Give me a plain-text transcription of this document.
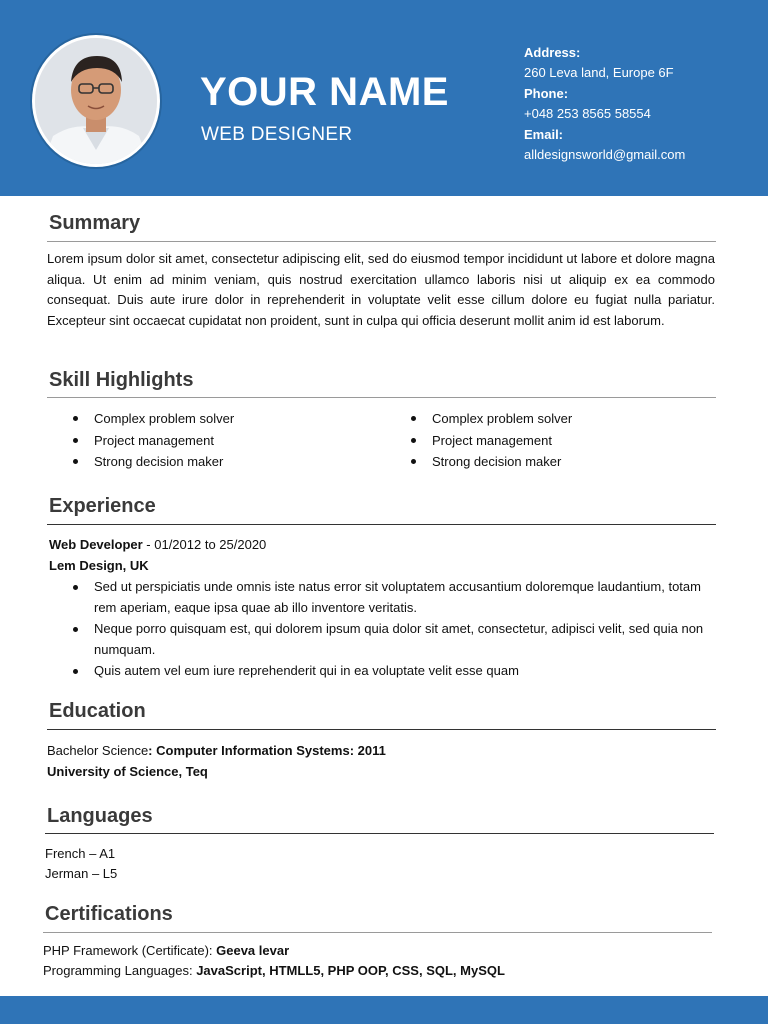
YOUR NAME
WEB DESIGNER
Address:
260 Leva land, Europe 6F
Phone:
+048 253 8565 58554
Email:
alldesignsworld@gmail.com
Summary
Lorem ipsum dolor sit amet, consectetur adipiscing elit, sed do eiusmod tempor incididunt ut labore et dolore magna aliqua. Ut enim ad minim veniam, quis nostrud exercitation ullamco laboris nisi ut aliquip ex ea commodo consequat. Duis aute irure dolor in reprehenderit in voluptate velit esse cillum dolore eu fugiat nulla pariatur. Excepteur sint occaecat cupidatat non proident, sunt in culpa qui officia deserunt mollit anim id est laborum.
Skill Highlights
Complex problem solver
Project management
Strong decision maker
Complex problem solver
Project management
Strong decision maker
Experience
Web Developer - 01/2012 to 25/2020
Lem Design, UK
Sed ut perspiciatis unde omnis iste natus error sit voluptatem accusantium doloremque laudantium, totam rem aperiam, eaque ipsa quae ab illo inventore veritatis.
Neque porro quisquam est, qui dolorem ipsum quia dolor sit amet, consectetur, adipisci velit, sed quia non numquam.
Quis autem vel eum iure reprehenderit qui in ea voluptate velit esse quam
Education
Bachelor Science: Computer Information Systems: 2011
University of Science, Teq
Languages
French – A1
Jerman – L5
Certifications
PHP Framework (Certificate): Geeva levar
Programming Languages: JavaScript, HTMLL5, PHP OOP, CSS, SQL, MySQL
